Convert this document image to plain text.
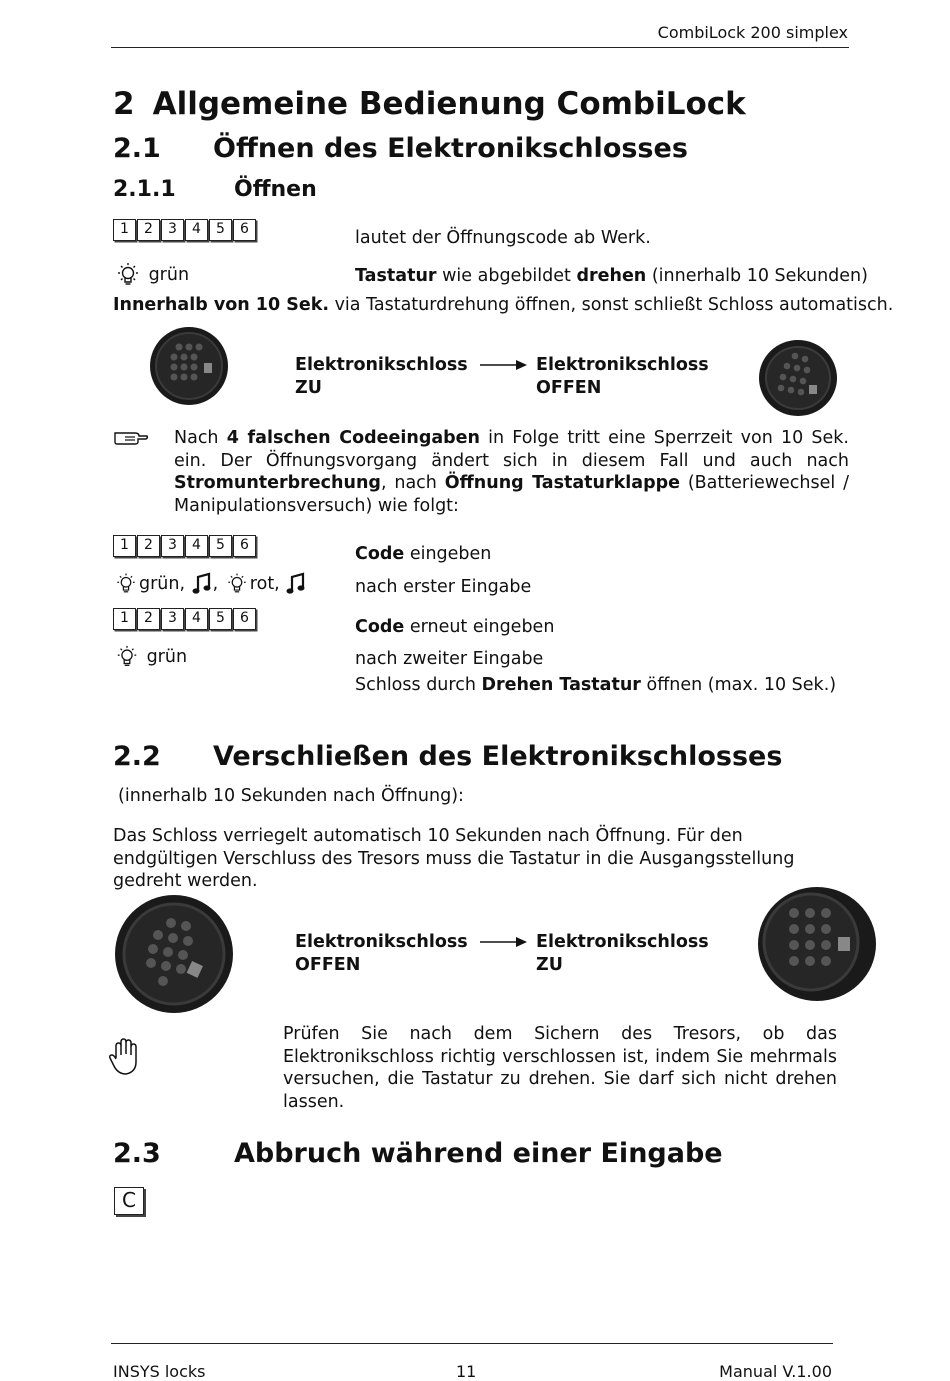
CombiLock 200 simplex
2 Allgemeine Bedienung CombiLock
2.1 Öffnen des Elektronikschlosses
2.1.1	Öffnen
1	2	3	4	5	6	lautet der Öffnungscode ab Werk.
grün	Tastatur wie abgebildet drehen (innerhalb 10 Sekunden)
Innerhalb von 10 Sek. via Tastaturdrehung öffnen, sonst schließt Schloss automatisch.
Elektronikschloss
ZU
Elektronikschloss
OFFEN
Nach 4 falschen Codeeingaben in Folge tritt eine Sperrzeit von 10 Sek. ein. Der Öffnungsvorgang ändert sich in diesem Fall und auch nach Stromunterbrechung, nach Öffnung Tastaturklappe (Batteriewechsel / Manipulationsversuch) wie folgt:
1	2	3	4	5	6	Code eingeben
grün, , rot,	nach erster Eingabe
1	2	3	4	5	6	Code erneut eingeben
grün	nach zweiter Eingabe
Schloss durch Drehen Tastatur öffnen (max. 10 Sek.)
2.2 Verschließen des Elektronikschlosses
(innerhalb 10 Sekunden nach Öffnung):
Das Schloss verriegelt automatisch 10 Sekunden nach Öffnung. Für den endgültigen Verschluss des Tresors muss die Tastatur in die Ausgangsstellung gedreht werden.
Elektronikschloss
OFFEN
Elektronikschloss
ZU
Prüfen Sie nach dem Sichern des Tresors, ob das Elektronikschloss richtig verschlossen ist, indem Sie mehrmals versuchen, die Tastatur zu drehen. Sie darf sich nicht drehen lassen.
2.3	Abbruch während einer Eingabe
C
INSYS locks	11	Manual V.1.00
